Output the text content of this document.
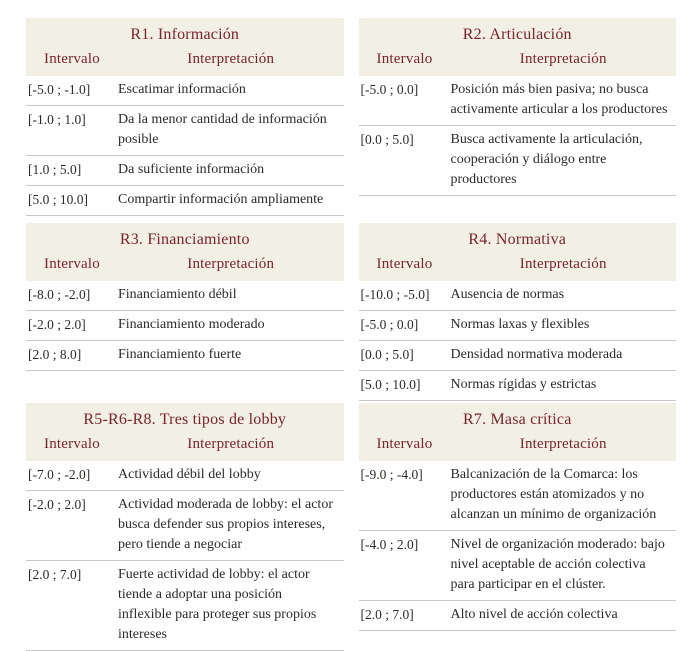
R1. Información
Intervalo	Interpretación
[-5.0 ; -1.0]	Escatimar información
[-1.0 ; 1.0]	Da la menor cantidad de información posible
[1.0 ; 5.0]	Da suficiente información
[5.0 ; 10.0]	Compartir información ampliamente
R2. Articulación
Intervalo	Interpretación
[-5.0 ; 0.0]	Posición más bien pasiva; no busca activamente articular a los productores
[0.0 ; 5.0]	Busca activamente la articulación, cooperación y diálogo entre productores
R3. Financiamiento
Intervalo	Interpretación
[-8.0 ; -2.0]	Financiamiento débil
[-2.0 ; 2.0]	Financiamiento moderado
[2.0 ; 8.0]	Financiamiento fuerte
R4. Normativa
Intervalo	Interpretación
[-10.0 ; -5.0]	Ausencia de normas
[-5.0 ; 0.0]	Normas laxas y flexibles
[0.0 ; 5.0]	Densidad normativa moderada
[5.0 ; 10.0]	Normas rígidas y estrictas
R5-R6-R8. Tres tipos de lobby
Intervalo	Interpretación
[-7.0 ; -2.0]	Actividad débil del lobby
[-2.0 ; 2.0]	Actividad moderada de lobby: el actor busca defender sus propios intereses, pero tiende a negociar
[2.0 ; 7.0]	Fuerte actividad de lobby: el actor tiende a adoptar una posición inflexible para proteger sus propios intereses
R7. Masa crítica
Intervalo	Interpretación
[-9.0 ; -4.0]	Balcanización de la Comarca: los productores están atomizados y no alcanzan un mínimo de organización
[-4.0 ; 2.0]	Nivel de organización moderado: bajo nivel aceptable de acción colectiva para participar en el clúster.
[2.0 ; 7.0]	Alto nivel de acción colectiva
